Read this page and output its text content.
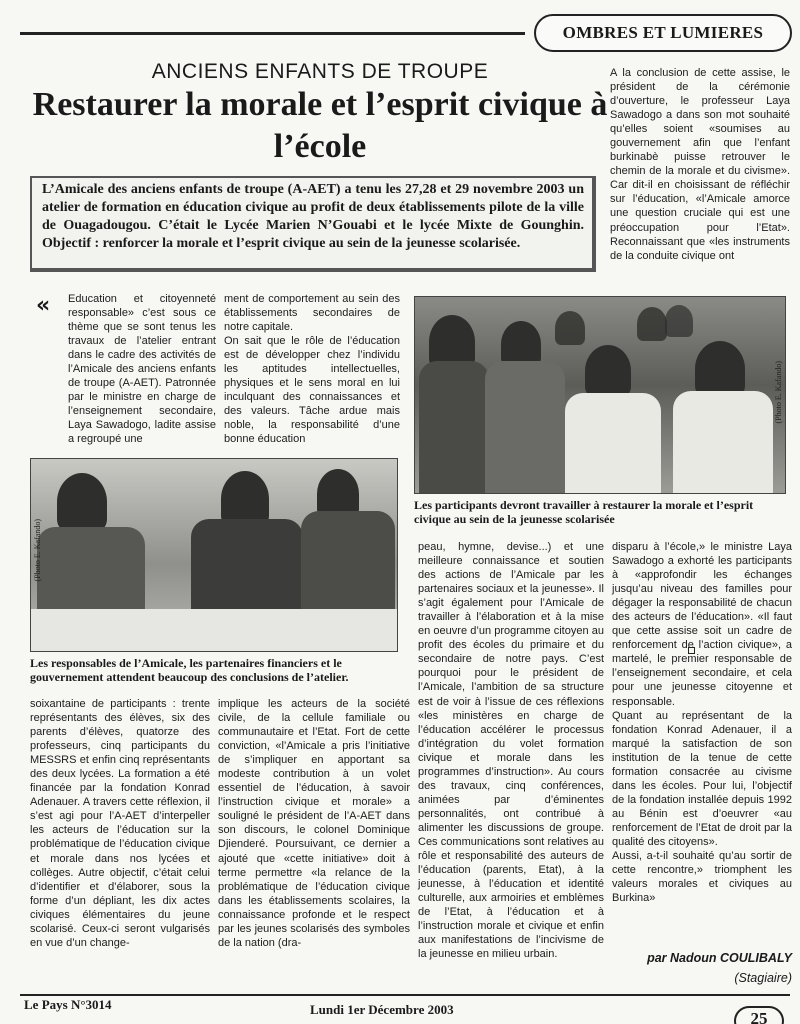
OMBRES ET LUMIERES
ANCIENS ENFANTS DE TROUPE
Restaurer la morale et l’esprit civique à l’école
L’Amicale des anciens enfants de troupe (A-AET) a tenu les 27,28 et 29 novembre 2003 un atelier de formation en éducation civique au profit de deux établissements pilote de la ville de Ouagadougou. C’était le Lycée Marien N’Gouabi et le lycée Mixte de Gounghin. Objectif : renforcer la morale et l’esprit civique au sein de la jeunesse scolarisée.
A la conclusion de cette assise, le président de la cérémonie d’ouverture, le professeur Laya Sawadogo a dans son mot souhaité qu’elles soient «soumises au gouvernement afin que l’enfant burkinabè puisse retrouver le chemin de la morale et du civisme». Car dit-il en choisissant de réfléchir sur l’éducation, «l’Amicale amorce une question cruciale qui est une préoccupation pour l’Etat». Reconnaissant que «les instruments de la conduite civique ont
« Education et citoyenneté responsable» c’est sous ce thème que se sont tenus les travaux de l’atelier entrant dans le cadre des activités de l’Amicale des anciens enfants de troupe (A-AET). Patronnée par le ministre en charge de l’enseignement secondaire, Laya Sawadogo, ladite assise a regroupé une
ment de comportement au sein des établissements secondaires de notre capitale.
On sait que le rôle de l’éducation est de développer chez l’individu les aptitudes intellectuelles, physiques et le sens moral en lui inculquant des connaissances et des valeurs. Tâche ardue mais noble, la responsabilité d’une bonne éducation
(Photo E. Kafando)
Les participants devront travailler à restaurer la morale et l’esprit civique au sein de la jeunesse scolarisée
(Photo E. Kafando)
Les responsables de l’Amicale, les partenaires financiers et le gouvernement attendent beaucoup des conclusions de l’atelier.
soixantaine de participants : trente représentants des élèves, six des parents d’élèves, quatorze des professeurs, cinq participants du MESSRS et enfin cinq représentants des deux lycées. La formation a été financée par la fondation Konrad Adenauer. A travers cette réflexion, il s’est agi pour l’A-AET d’interpeller les acteurs de l’éducation sur la problématique de l’éducation civique et morale dans nos lycées et collèges. Autre objectif, c’était celui d’identifier et d’élaborer, sous la forme d’un dépliant, les dix actes civiques élémentaires du jeune scolarisé. Ceux-ci seront vulgarisés en vue d’un change-
implique les acteurs de la société civile, de la cellule familiale ou communautaire et l’Etat. Fort de cette conviction, «l’Amicale a pris l’initiative de s’impliquer en apportant sa modeste contribution à un volet essentiel de l’éducation, à savoir l’instruction civique et morale» a souligné le président de l’A-AET dans son discours, le colonel Dominique Djienderé. Poursuivant, ce dernier a ajouté que «cette initiative» doit à terme permettre «la relance de la problématique de l’éducation civique dans les établissements scolaires, la connaissance profonde et le respect par les jeunes scolarisés des symboles de la nation (dra-
peau, hymne, devise...) et une meilleure connaissance et soutien des actions de l’Amicale par les partenaires sociaux et la jeunesse». Il s’agit également pour l’Amicale de travailler à l’élaboration et à la mise en oeuvre d’un programme citoyen au profit des écoles du primaire et du secondaire de notre pays. C’est pourquoi pour le président de l’Amicale, l’ambition de sa structure est de voir à l’issue de ces réflexions «les ministères en charge de l’éducation accélérer le processus d’intégration du volet formation civique et morale dans les programmes d’instruction». Au cours des travaux, cinq conférences, animées par d’éminentes personnalités, ont contribué à alimenter les discussions de groupe. Ces communications sont relatives au rôle et responsabilité des auteurs de l’éducation (parents, Etat), à la jeunesse, à l’éducation et identité culturelle, aux armoiries et emblèmes de l’Etat, à l’éducation et à l’instruction morale et civique et enfin aux manifestations de l’incivisme de la jeunesse en milieu urbain.
disparu à l’école,» le ministre Laya Sawadogo a exhorté les participants à «approfondir les échanges jusqu’au niveau des familles pour dégager la responsabilité de chacun des acteurs de l’éducation». «Il faut que cette assise soit un cadre de renforcement de l’action civique», a martelé, le premier responsable de l’enseignement secondaire, et cela pour une jeunesse citoyenne et responsable.
Quant au représentant de la fondation Konrad Adenauer, il a marqué la satisfaction de son institution de la tenue de cette formation consacrée au civisme dans les écoles. Pour lui, l’objectif de la fondation installée depuis 1992 au Bénin est d’oeuvrer «au renforcement de l’Etat de droit par la qualité des citoyens».
Aussi, a-t-il souhaité qu’au sortir de cette rencontre,» triomphent les valeurs morales et civiques au Burkina»
par Nadoun COULIBALY
(Stagiaire)
Le Pays N°3014	Lundi 1er Décembre 2003	25
